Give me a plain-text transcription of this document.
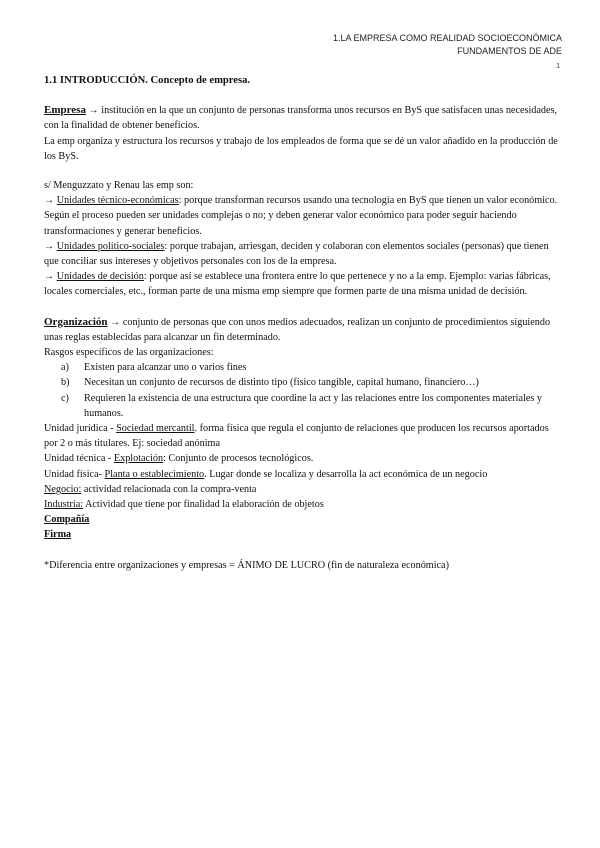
1.LA EMPRESA COMO REALIDAD SOCIOECONÓMICA
FUNDAMENTOS DE ADE
1

1.1 INTRODUCCIÓN. Concepto de empresa.

Empresa → institución en la que un conjunto de personas transforma unos recursos en ByS que satisfacen unas necesidades, con la finalidad de obtener beneficios.

La emp organiza y estructura los recursos y trabajo de los empleados de forma que se dé un valor añadido en la producción de los ByS.

s/ Menguzzato y Renau las emp son:

→ Unidades técnico-económicas: porque transforman recursos usando una tecnología en ByS que tienen un valor económico.

Según el proceso pueden ser unidades complejas o no; y deben generar valor económico para poder seguir haciendo transformaciones y generar beneficios.

→ Unidades político-sociales: porque trabajan, arriesgan, deciden y colaboran con elementos sociales (personas) que tienen que conciliar sus intereses y objetivos personales con los de la empresa.

→ Unidades de decisión: porque así se establece una frontera entre lo que pertenece y no a la emp. Ejemplo: varias fábricas, locales comerciales, etc., forman parte de una misma emp siempre que formen parte de una misma unidad de decisión.

Organización → conjunto de personas que con unos medios adecuados, realizan un conjunto de procedimientos siguiendo unas reglas establecidas para alcanzar un fin determinado.

Rasgos específicos de las organizaciones:

a) Existen para alcanzar uno o varios fines
b) Necesitan un conjunto de recursos de distinto tipo (físico tangible, capital humano, financiero…)
c) Requieren la existencia de una estructura que coordine la act y las relaciones entre los componentes materiales y humanos.

Unidad jurídica - Sociedad mercantil. forma física que regula el conjunto de relaciones que producen los recursos aportados por 2 o más titulares. Ej: sociedad anónima

Unidad técnica - Explotación: Conjunto de procesos tecnológicos.

Unidad física- Planta o establecimiento. Lugar donde se localiza y desarrolla la act económica de un negocio

Negocio: actividad relacionada con la compra-venta

Industria: Actividad que tiene por finalidad la elaboración de objetos

Compañía

Firma

*Diferencia entre organizaciones y empresas = ÁNIMO DE LUCRO (fin de naturaleza económica)
